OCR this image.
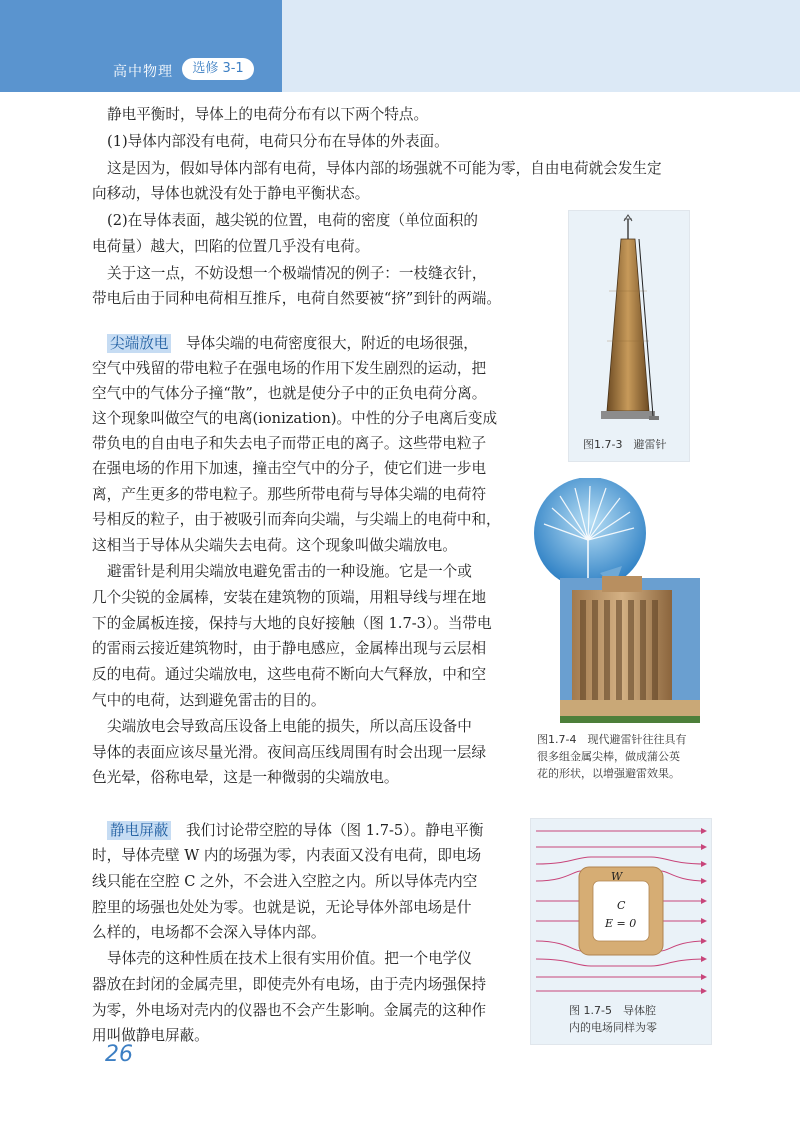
高中物理	选修 3-1
静电平衡时，导体上的电荷分布有以下两个特点。
(1)导体内部没有电荷，电荷只分布在导体的外表面。
这是因为，假如导体内部有电荷，导体内部的场强就不可能为零，自由电荷就会发生定
向移动，导体也就没有处于静电平衡状态。
(2)在导体表面，越尖锐的位置，电荷的密度（单位面积的
电荷量）越大，凹陷的位置几乎没有电荷。
关于这一点，不妨设想一个极端情况的例子：一枝缝衣针，
带电后由于同种电荷相互推斥，电荷自然要被“挤”到针的两端。
尖端放电　 导体尖端的电荷密度很大，附近的电场很强，
空气中残留的带电粒子在强电场的作用下发生剧烈的运动，把
空气中的气体分子撞“散”，也就是使分子中的正负电荷分离。
这个现象叫做空气的电离(ionization)。中性的分子电离后变成
带负电的自由电子和失去电子而带正电的离子。这些带电粒子
在强电场的作用下加速，撞击空气中的分子，使它们进一步电
离，产生更多的带电粒子。那些所带电荷与导体尖端的电荷符
号相反的粒子，由于被吸引而奔向尖端，与尖端上的电荷中和，
这相当于导体从尖端失去电荷。这个现象叫做尖端放电。
避雷针是利用尖端放电避免雷击的一种设施。它是一个或
几个尖锐的金属棒，安装在建筑物的顶端，用粗导线与埋在地
下的金属板连接，保持与大地的良好接触（图 1.7-3）。当带电
的雷雨云接近建筑物时，由于静电感应，金属棒出现与云层相
反的电荷。通过尖端放电，这些电荷不断向大气释放，中和空
气中的电荷，达到避免雷击的目的。
尖端放电会导致高压设备上电能的损失，所以高压设备中
导体的表面应该尽量光滑。夜间高压线周围有时会出现一层绿
色光晕，俗称电晕，这是一种微弱的尖端放电。
静电屏蔽　 我们讨论带空腔的导体（图 1.7-5）。静电平衡
时，导体壳壁 W 内的场强为零，内表面又没有电荷，即电场
线只能在空腔 C 之外，不会进入空腔之内。所以导体壳内空
腔里的场强也处处为零。也就是说，无论导体外部电场是什
么样的，电场都不会深入导体内部。
导体壳的这种性质在技术上很有实用价值。把一个电学仪
器放在封闭的金属壳里，即使壳外有电场，由于壳内场强保持
为零，外电场对壳内的仪器也不会产生影响。金属壳的这种作
用叫做静电屏蔽。
图1.7-3　避雷针
图1.7-4　现代避雷针往往具有
很多组金属尖棒，做成蒲公英
花的形状，以增强避雷效果。
W
C
E = 0
图 1.7-5　导体腔
内的电场同样为零
26
